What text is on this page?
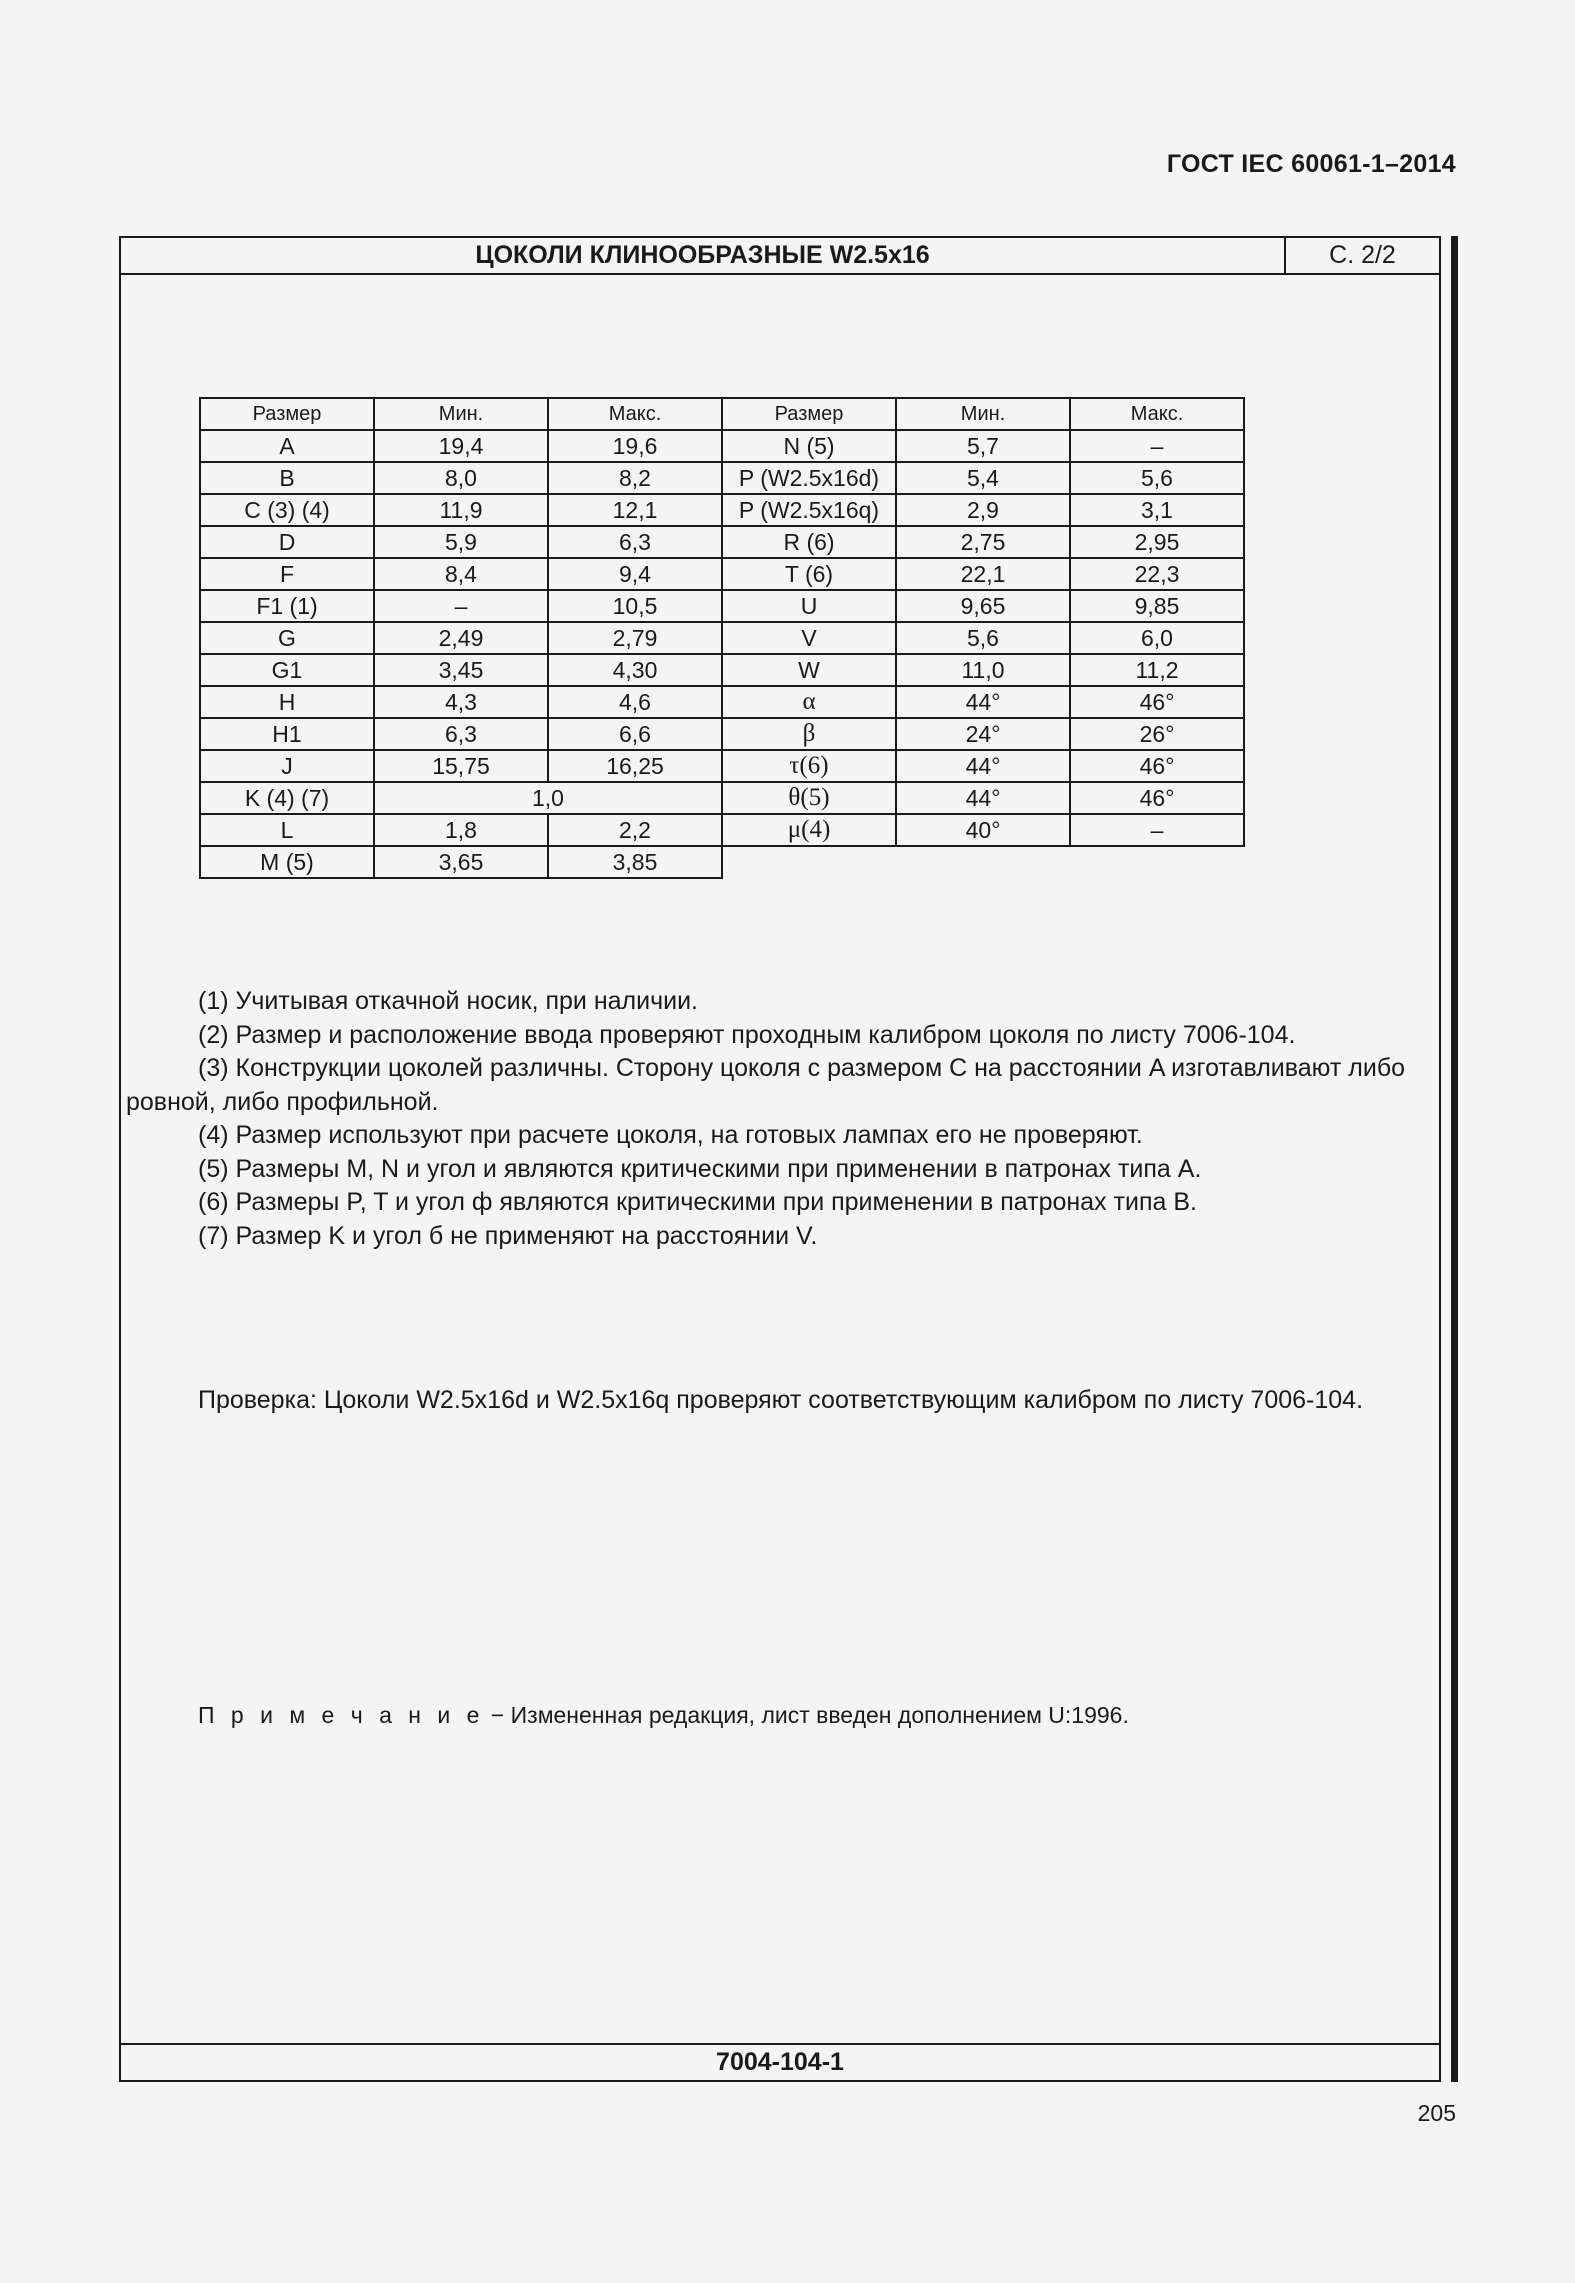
ГОСТ IEC 60061-1–2014
ЦОКОЛИ КЛИНООБРАЗНЫЕ W2.5x16	С. 2/2
Размер	Мин.	Макс.	Размер	Мин.	Макс.
A	19,4	19,6	N (5)	5,7	–
B	8,0	8,2	P (W2.5x16d)	5,4	5,6
C (3) (4)	11,9	12,1	P (W2.5x16q)	2,9	3,1
D	5,9	6,3	R (6)	2,75	2,95
F	8,4	9,4	T (6)	22,1	22,3
F1 (1)	–	10,5	U	9,65	9,85
G	2,49	2,79	V	5,6	6,0
G1	3,45	4,30	W	11,0	11,2
H	4,3	4,6	α	44°	46°
H1	6,3	6,6	β	24°	26°
J	15,75	16,25	τ(6)	44°	46°
K (4) (7)	1,0		θ(5)	44°	46°
L	1,8	2,2	μ(4)	40°	–
M (5)	3,65	3,85			

(1) Учитывая откачной носик, при наличии.

(2) Размер и расположение ввода проверяют проходным калибром цоколя по листу 7006-104.

(3) Конструкции цоколей различны. Сторону цоколя с размером C на расстоянии A изготавливают либо ровной, либо профильной.

(4) Размер используют при расчете цоколя, на готовых лампах его не проверяют.

(5) Размеры M, N и угол и являются критическими при применении в патронах типа A.

(6) Размеры P, T и угол ф являются критическими при применении в патронах типа B.

(7) Размер K и угол б не применяют на расстоянии V.

Проверка: Цоколи W2.5x16d и W2.5x16q проверяют соответствующим калибром по листу 7006-104.
П р и м е ч а н и е − Измененная редакция, лист введен дополнением U:1996.
7004-104-1
205
